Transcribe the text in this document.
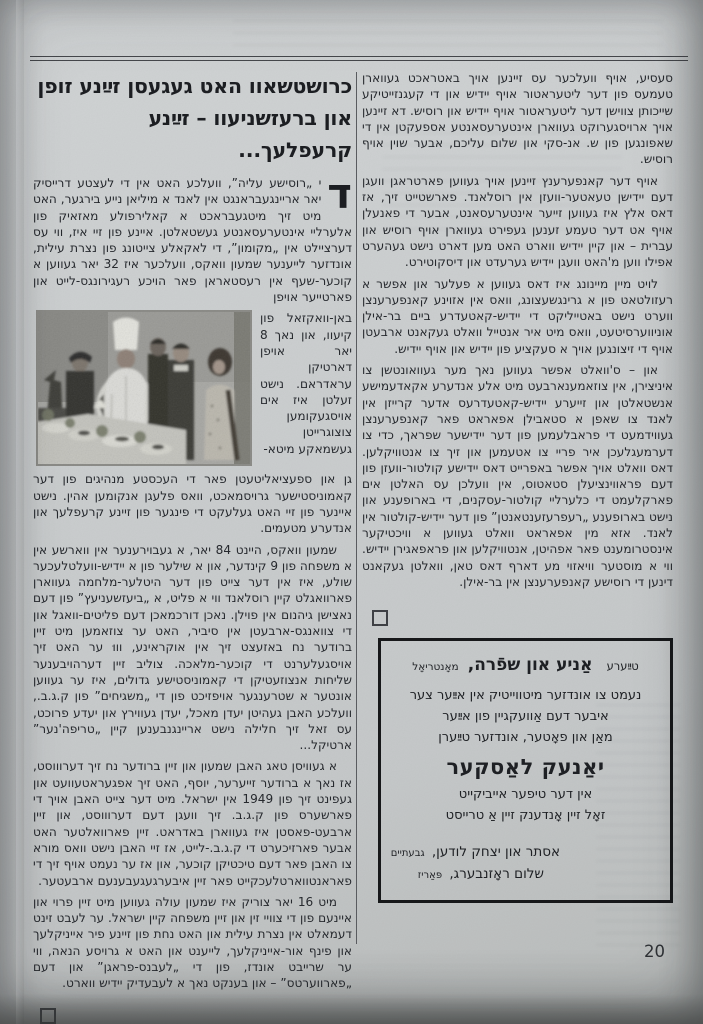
סעסיע, אויף וועלכער עס זיינען אויך באטראכט געווארן טעמעס פון דער ליטעראטור אויף יידיש און די קעגנזייטיקע שייכותן צווישן דער ליטעראטור אויף יידיש און רוסיש. דא זיינען אויך ארויסגערוקט געווארן אינטערעסאנטע אספעקטן אין די שאפונגען פון ש. אנ-סקי און שלום עליכם, אבער שוין אויף רוסיש.

אויף דער קאנפערענץ זיינען אויך געווען פארטראגן וועגן דעם יידישן טעאטער-וועזן אין רוסלאנד. פארשטייט זיך, אז דאס אלץ איז געווען זייער אינטערעסאנט, אבער די פאנעלן אויף אט דער טעמע זענען געפירט געווארן אויף רוסיש און עברית – און קיין יידיש ווארט האט מען דארט נישט געהערט אפילו ווען מ'האט וועגן יידיש גערעדט און דיסקוטירט.

לויט מיין מיינונג איז דאס געווען א פעלער און אפשר א רעזולטאט פון א גרינגשעצונג, וואס אין אזוינע קאנפערענצן ווערט נישט באטייליקט די יידיש-קאטעדרע ביים בר-אילן אוניווערסיטעט, וואס מיט איר אנטייל וואלט געקאנט ארבעטן אויף די זיצונגען אויך א סעקציע פון יידיש און אויף יידיש.

און – ס'וואלט אפשר געווען נאך מער געוואונטשן צו איניצירן, אין צוזאמענארבעט מיט אלע אנדערע אקאדעמישע אנשטאלטן און זייערע יידיש-קאטעדרעס אדער קרייזן אין לאנד צו שאפן א סטאבילן אפאראט פאר קאנפערענצן געווידמעט די פראבלעמען פון דער יידישער שפראך, כדי צו דערמעגלעכן איר פריי צו אטעמען און זיך צו אנטוויקלען. דאס וואלט אויך אפשר באפרייט דאס יידישע קולטור-וועזן פון דעם פראווינציעלן סטאטוס, אין וועלכן עס האלטן אים פארקלעמט די כלערליי קולטור-עסקנים, די בארופענע און נישט בארופענע „רעפרעזענטאנטן” פון דער יידיש-קולטור אין לאנד. אזא מין אפאראט וואלט געווען א וויכטיקער אינסטרומענט פאר אפהיטן, אנטוויקלען און פראפאגירן יידיש. ווי א מוסטער וויאזוי מע דארף דאס טאן, וואלטן געקאנט דינען די רוסישע קאנפערענצן אין בר-אילן.

טײַערע אַניע און שפֿרה, מאָנטריאָל
נעמט צו אונדזער מיטווייטיק אין אײַער צער
איבער דעם אַוועקגיין פון אײַער
מאַן און פאָטער, אונדזער טײַערן
יאַנעק לאַסקער
אין דער טיפער אייביקייט
זאָל זיין אָנדענק זיין אַ טרייסט
אסתר און יצחק לודען, גבעתיים
שלום ראָזנבערג, פּאַריז
כרושטשאוו האט געגעסן זײַנע זופן
און ברעזשניעוו – זײַנע קרעפלעך...

ד
י „רוסישע עליה”, וועלכע האט אין די לעצטע דרייסיק יאר אריינגעבראנגט אין לאנד א מיליאן נייע בירגער, האט מיט זיך מיטגעבראכט א קאלירפולע מאזאיק פון אלערליי אינטערעסאנטע געשטאלטן. איינע פון זיי איז, ווי עס דערציילט אין „מקומון”, די לאקאלע צייטונג פון נצרת עילית, אונדזער לייענער שמעון וואקס, וועלכער איז 32 יאר געווען א קוכער-שעף אין רעסטאראן פאר הויכע רעגירונגס-לייט און פארטייער אויפן

באן-וואקזאל פון קיעוו, און נאך 8 יאר אויפן דארטיקן עראדראם. נישט זעלטן איז אים אויסגעקומען צוצוגרייטן געשמאקע מיטא-

גן און ספעציאליטעטן פאר די העכסטע מנהיגים פון דער קאמוניסטישער גרויסמאכט, וואס פלעגן אנקומען אהין. נישט איינער פון זיי האט געלעקט די פינגער פון זיינע קרעפלעך און אנדערע מטעמים.

שמעון וואקס, היינט 84 יאר, א געבוירענער אין ווארשע אין א משפחה פון 9 קינדער, און א שילער פון א יידיש-וועלטלעכער שולע, איז אין דער צייט פון דער היטלער-מלחמה געווארן פארוואגלט קיין רוסלאנד ווי א פליט, א „ביעזשעניעץ” פון דעם נאצישן גיהנום אין פוילן. נאכן דורכמאכן דעם פליטים-וואגל און די צוואנגס-ארבעטן אין סיביר, האט ער צוזאמען מיט זיין ברודער נח באזעצט זיך אין אוקראינע, וווּ ער האט זיך אויסגעלערנט די קוכער-מלאכה. צוליב זיין דערהויבענער שליחות אנצוזעטיקן די קאמוניסטישע גדולים, איז ער געווען אונטער א שטרענגער אויפזיכט פון די „משגיחים” פון ק.ג.ב., וועלכע האבן געהיטן יעדן מאכל, יעדן געווירץ און יעדע פרוכט, עס זאל זיך חלילה נישט אריינגנבענען קיין „טריפה'נער” ארטיקל...

א געוויסן טאג האבן שמעון און זיין ברודער נח זיך דערוווסט, אז נאך א ברודער זייערער, יוסף, האט זיך אפגעראטעוועט און געפינט זיך פון 1949 אין ישראל. מיט דער צייט האבן אויך די פארשערס פון ק.ג.ב. זיך וועגן דעם דערוווסט, און זיין ארבעט-פאסטן איז געווארן באדראט. זיין פארוואלטער האט אבער פארזיכערט די ק.ג.ב.-לייט, אז זיי האבן נישט וואס מורא צו האבן פאר דעם טיכטיקן קוכער, און אז ער נעמט אויף זיך די פאראנטווארטלעכקייט פאר זיין איבערגעגעבענעם ארבעטער.

מיט 16 יאר צוריק איז שמעון עולה געווען מיט זיין פרוי און איינעם פון די צוויי זין און זיין משפחה קיין ישראל. ער לעבט זינט דעמאלט אין נצרת עילית און האט נחת פון זיינע פיר אייניקלעך און פינף אור-אייניקלעך, לייענט און האט א גרויסע הנאה, ווי ער שרייבט אונדז, פון די „לעבנס-פראגן” און דעם „פארווערטס” – און בענקט נאך א לעבעדיק יידיש ווארט.

20
